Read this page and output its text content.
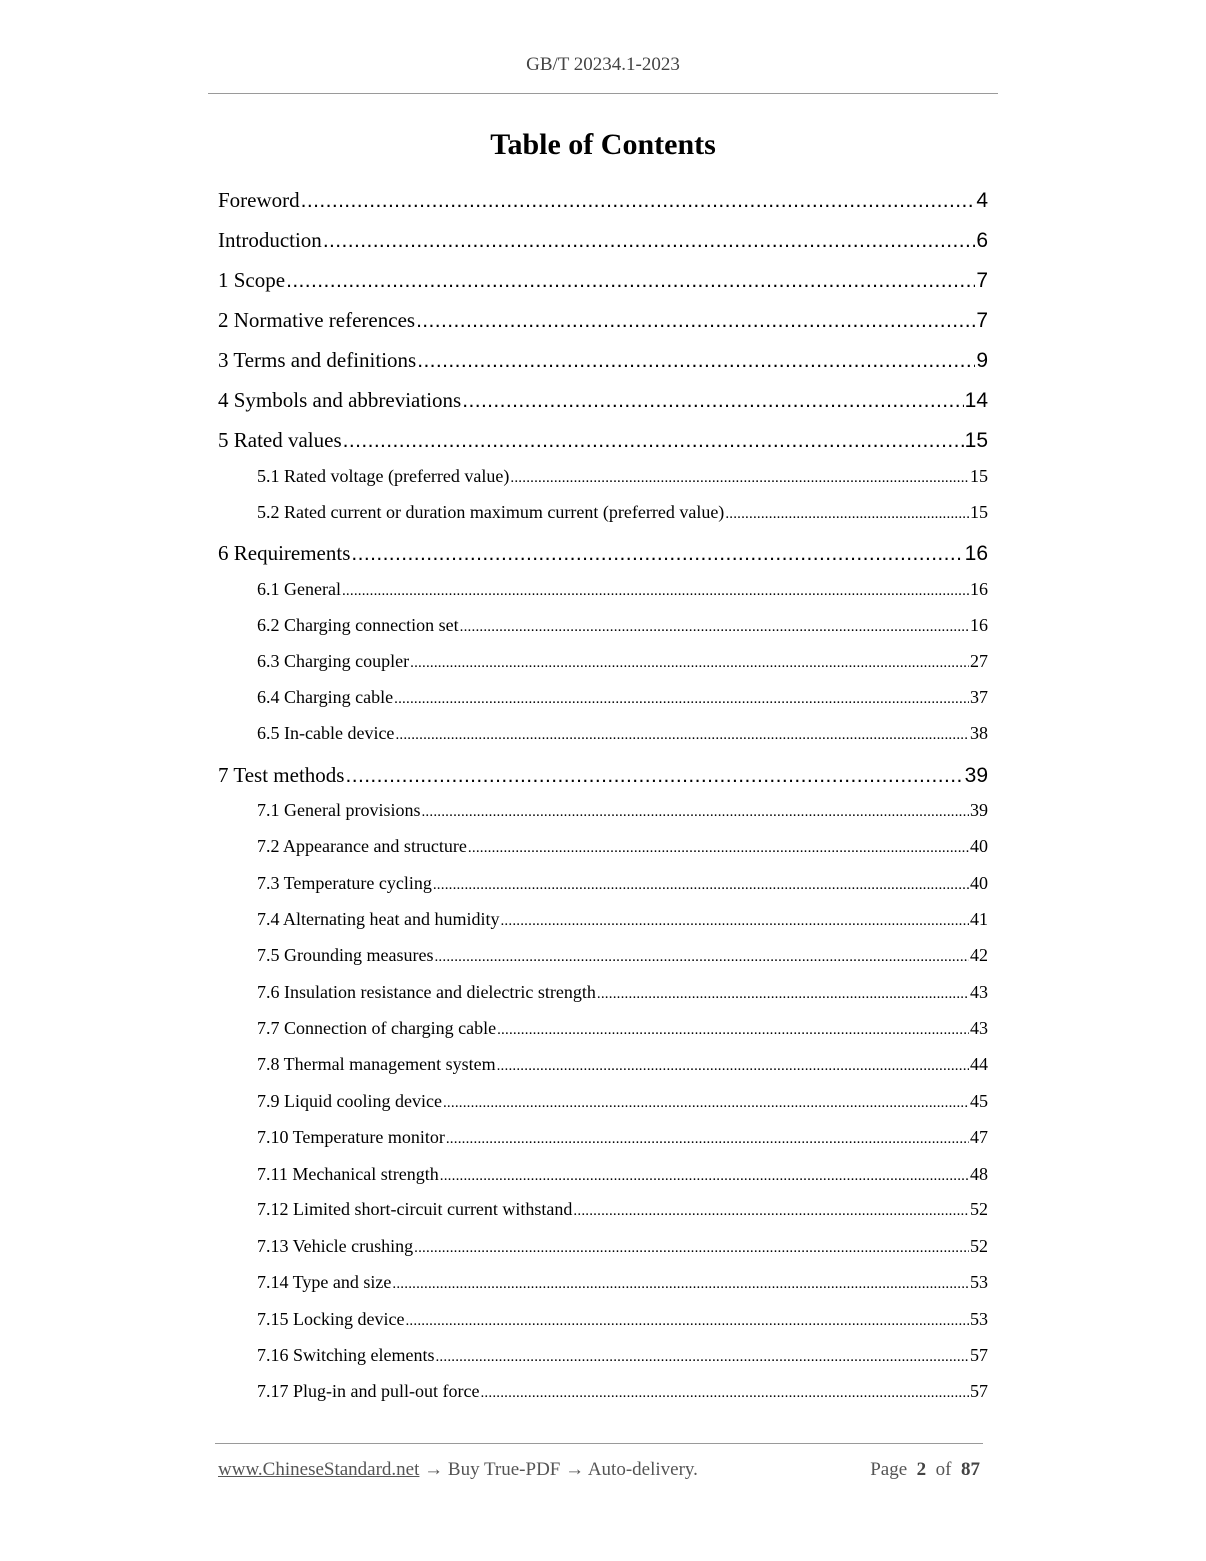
GB/T 20234.1-2023
Table of Contents
Foreword .....	4
Introduction .....	6
1 Scope .....	7
2 Normative references .....	7
3 Terms and definitions .....	9
4 Symbols and abbreviations .....	14
5 Rated values .....	15
5.1 Rated voltage (preferred value) .....	15
5.2 Rated current or duration maximum current (preferred value) .....	15
6 Requirements .....	16
6.1 General .....	16
6.2 Charging connection set .....	16
6.3 Charging coupler .....	27
6.4 Charging cable .....	37
6.5 In-cable device .....	38
7 Test methods .....	39
7.1 General provisions .....	39
7.2 Appearance and structure .....	40
7.3 Temperature cycling .....	40
7.4 Alternating heat and humidity .....	41
7.5 Grounding measures .....	42
7.6 Insulation resistance and dielectric strength .....	43
7.7 Connection of charging cable .....	43
7.8 Thermal management system .....	44
7.9 Liquid cooling device .....	45
7.10 Temperature monitor .....	47
7.11 Mechanical strength .....	48
7.12 Limited short-circuit current withstand .....	52
7.13 Vehicle crushing .....	52
7.14 Type and size .....	53
7.15 Locking device .....	53
7.16 Switching elements .....	57
7.17 Plug-in and pull-out force .....	57
www.ChineseStandard.net → Buy True-PDF → Auto-delivery.	Page 2 of 87
